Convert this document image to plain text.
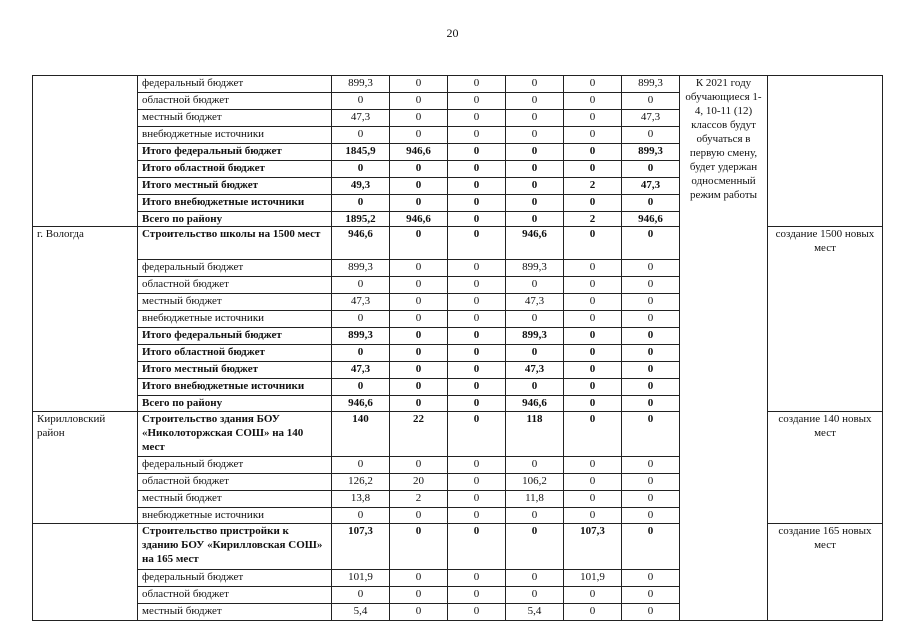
20
	федеральный бюджет	899,3	0	0	0	0	899,3	К 2021 году обучающиеся 1-4, 10-11 (12) классов будут обучаться в первую смену, будет удержан односменный режим работы	
	областной бюджет	0	0	0	0	0	0		
	местный бюджет	47,3	0	0	0	0	47,3		
	внебюджетные источники	0	0	0	0	0	0		
	Итого федеральный бюджет	1845,9	946,6	0	0	0	899,3		
	Итого областной бюджет	0	0	0	0	0	0		
	Итого местный бюджет	49,3	0	0	0	2	47,3		
	Итого внебюджетные источники	0	0	0	0	0	0		
	Всего по району	1895,2	946,6	0	0	2	946,6		
г. Вологда	Строительство школы на 1500 мест	946,6	0	0	946,6	0	0		создание 1500 новых мест
	федеральный бюджет	899,3	0	0	899,3	0	0		
	областной бюджет	0	0	0	0	0	0		
	местный бюджет	47,3	0	0	47,3	0	0		
	внебюджетные источники	0	0	0	0	0	0		
	Итого федеральный бюджет	899,3	0	0	899,3	0	0		
	Итого областной бюджет	0	0	0	0	0	0		
	Итого местный бюджет	47,3	0	0	47,3	0	0		
	Итого внебюджетные источники	0	0	0	0	0	0		
	Всего по району	946,6	0	0	946,6	0	0		
Кирилловский район	Строительство здания БОУ «Николоторжская СОШ» на 140 мест	140	22	0	118	0	0		создание 140 новых мест
	федеральный бюджет	0	0	0	0	0	0		
	областной бюджет	126,2	20	0	106,2	0	0		
	местный бюджет	13,8	2	0	11,8	0	0		
	внебюджетные источники	0	0	0	0	0	0		
	Строительство пристройки к зданию БОУ «Кирилловская СОШ» на 165 мест	107,3	0	0	0	107,3	0		создание 165 новых мест
	федеральный бюджет	101,9	0	0	0	101,9	0		
	областной бюджет	0	0	0	0	0	0		
	местный бюджет	5,4	0	0	5,4	0	0		
